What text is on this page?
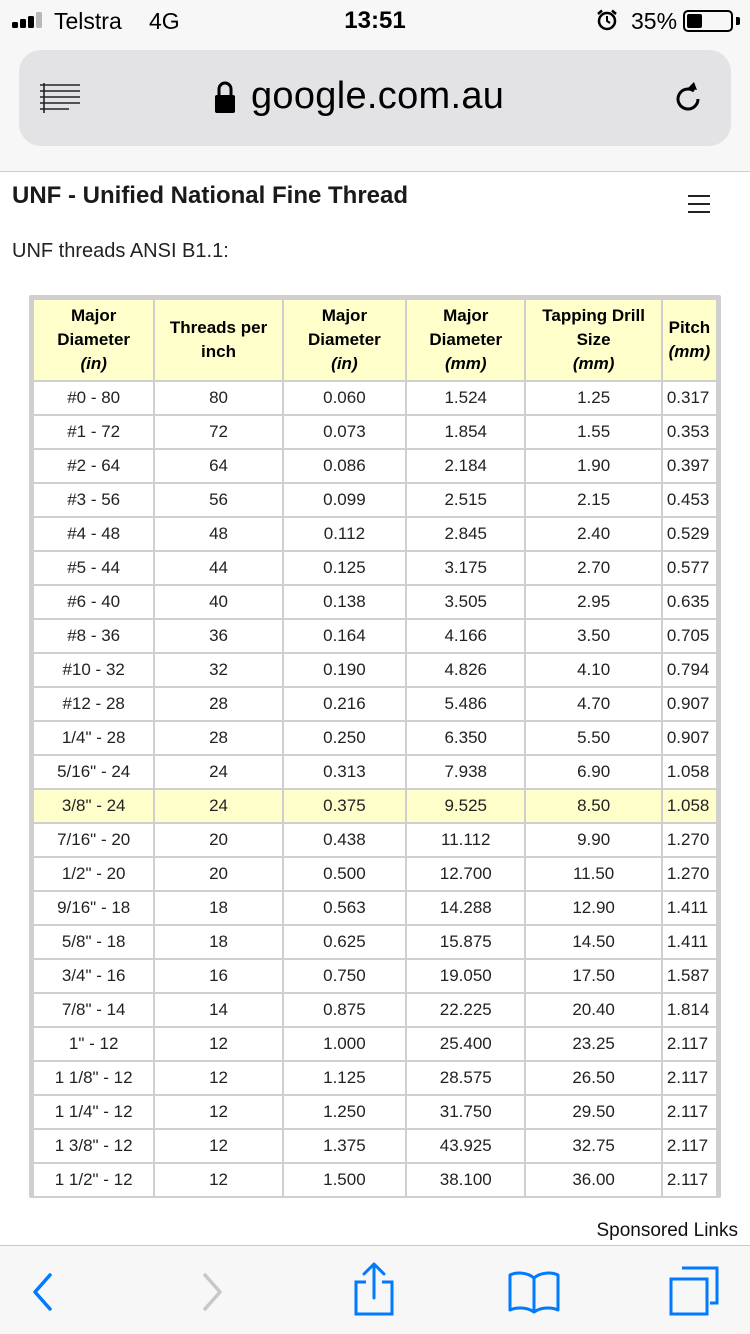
Telstra 4G	13:51	35%
google.com.au
UNF - Unified National Fine Thread
UNF threads ANSI B1.1:
Major
Diameter
(in)	Threads per
inch	Major
Diameter
(in)	Major
Diameter
(mm)	Tapping Drill
Size
(mm)	Pitch
(mm)
#0 - 80	80	0.060	1.524	1.25	0.317
#1 - 72	72	0.073	1.854	1.55	0.353
#2 - 64	64	0.086	2.184	1.90	0.397
#3 - 56	56	0.099	2.515	2.15	0.453
#4 - 48	48	0.112	2.845	2.40	0.529
#5 - 44	44	0.125	3.175	2.70	0.577
#6 - 40	40	0.138	3.505	2.95	0.635
#8 - 36	36	0.164	4.166	3.50	0.705
#10 - 32	32	0.190	4.826	4.10	0.794
#12 - 28	28	0.216	5.486	4.70	0.907
1/4" - 28	28	0.250	6.350	5.50	0.907
5/16" - 24	24	0.313	7.938	6.90	1.058
3/8" - 24	24	0.375	9.525	8.50	1.058
7/16" - 20	20	0.438	11.112	9.90	1.270
1/2" - 20	20	0.500	12.700	11.50	1.270
9/16" - 18	18	0.563	14.288	12.90	1.411
5/8" - 18	18	0.625	15.875	14.50	1.411
3/4" - 16	16	0.750	19.050	17.50	1.587
7/8" - 14	14	0.875	22.225	20.40	1.814
1" - 12	12	1.000	25.400	23.25	2.117
1 1/8" - 12	12	1.125	28.575	26.50	2.117
1 1/4" - 12	12	1.250	31.750	29.50	2.117
1 3/8" - 12	12	1.375	43.925	32.75	2.117
1 1/2" - 12	12	1.500	38.100	36.00	2.117
Sponsored Links
